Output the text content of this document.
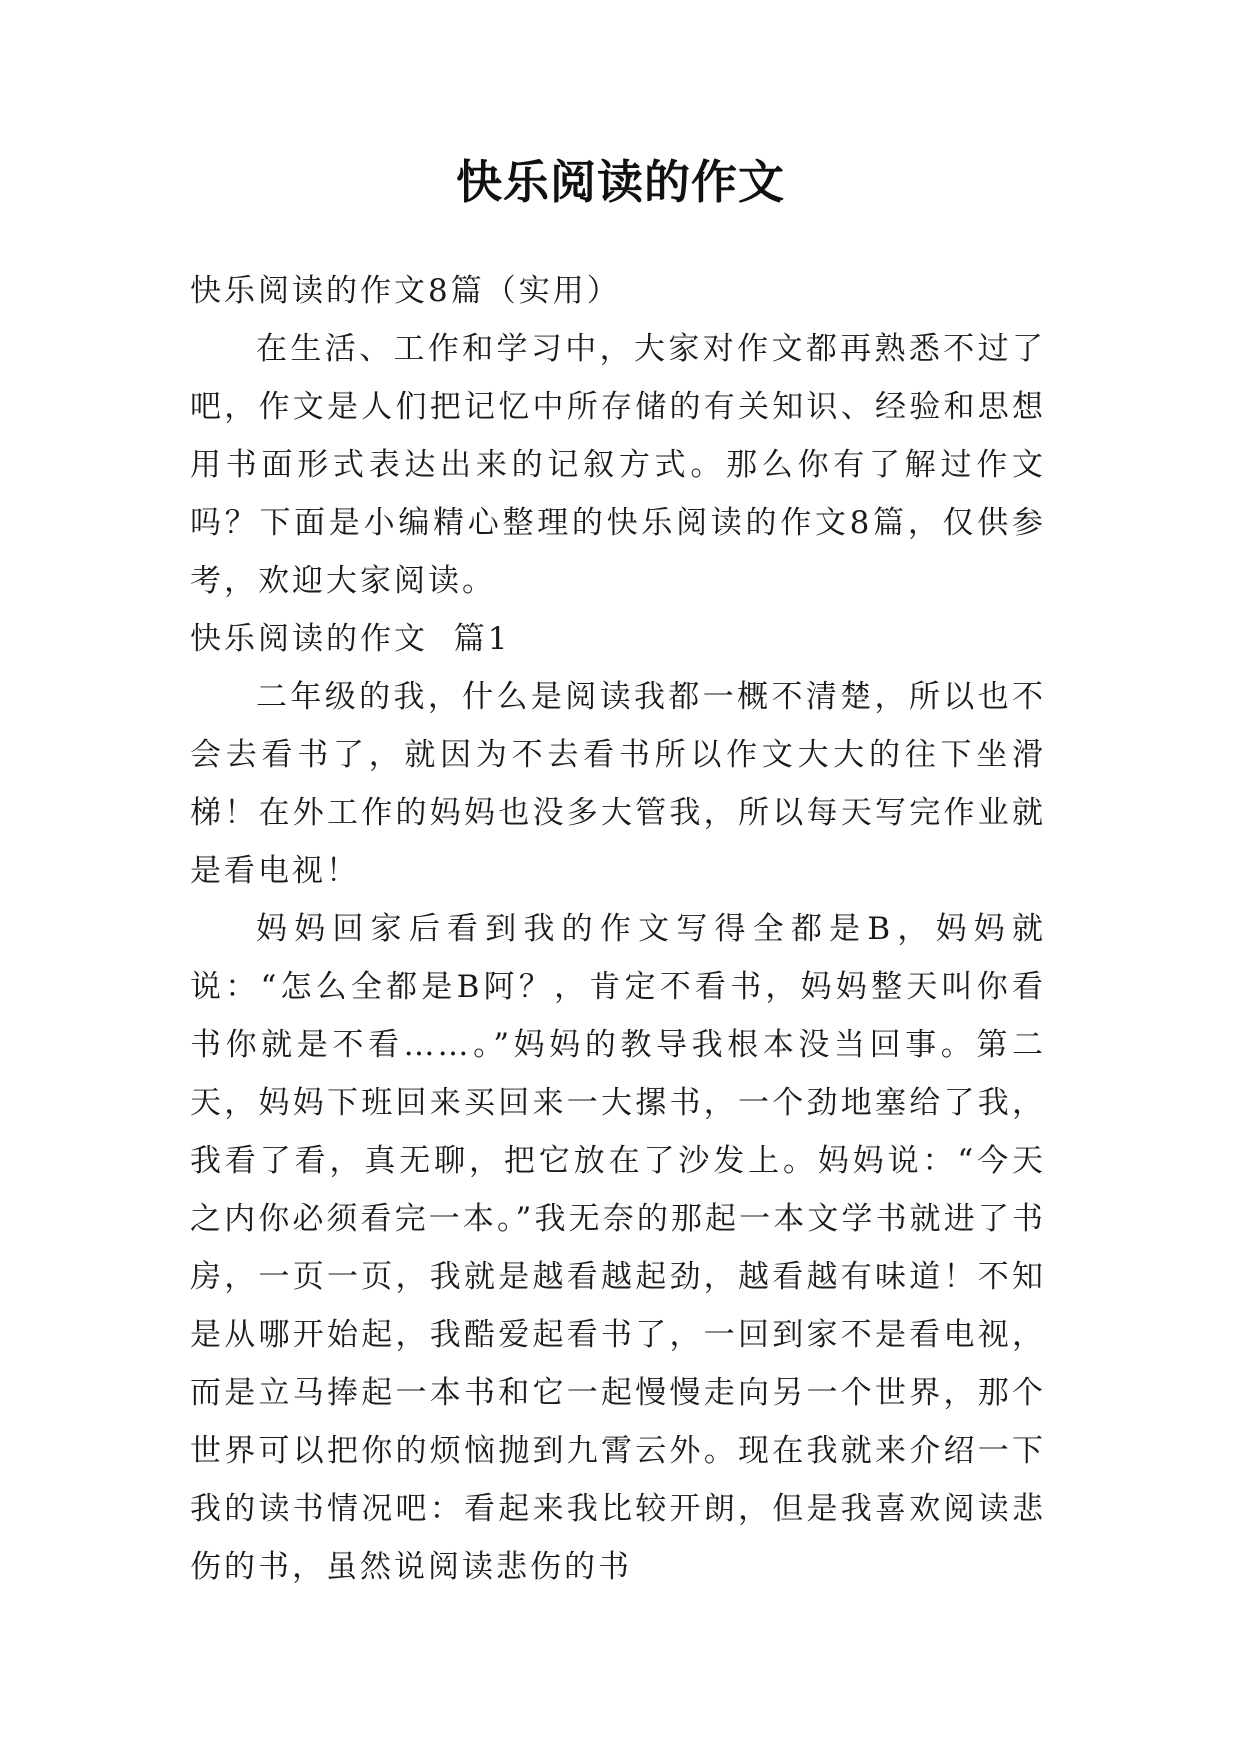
快乐阅读的作文

快乐阅读的作文8篇（实用）

在生活、工作和学习中，大家对作文都再熟悉不过了吧，作文是人们把记忆中所存储的有关知识、经验和思想用书面形式表达出来的记叙方式。那么你有了解过作文吗？下面是小编精心整理的快乐阅读的作文8篇，仅供参考，欢迎大家阅读。

快乐阅读的作文  篇1

二年级的我，什么是阅读我都一概不清楚，所以也不会去看书了，就因为不去看书所以作文大大的往下坐滑梯！在外工作的妈妈也没多大管我，所以每天写完作业就是看电视！

妈妈回家后看到我的作文写得全都是B，妈妈就说：“怎么全都是B阿？，肯定不看书，妈妈整天叫你看书你就是不看……。”妈妈的教导我根本没当回事。第二天，妈妈下班回来买回来一大摞书，一个劲地塞给了我，我看了看，真无聊，把它放在了沙发上。妈妈说：“今天之内你必须看完一本。”我无奈的那起一本文学书就进了书房，一页一页，我就是越看越起劲，越看越有味道！不知是从哪开始起，我酷爱起看书了，一回到家不是看电视，而是立马捧起一本书和它一起慢慢走向另一个世界，那个世界可以把你的烦恼抛到九霄云外。现在我就来介绍一下我的读书情况吧：看起来我比较开朗，但是我喜欢阅读悲伤的书，虽然说阅读悲伤的书
